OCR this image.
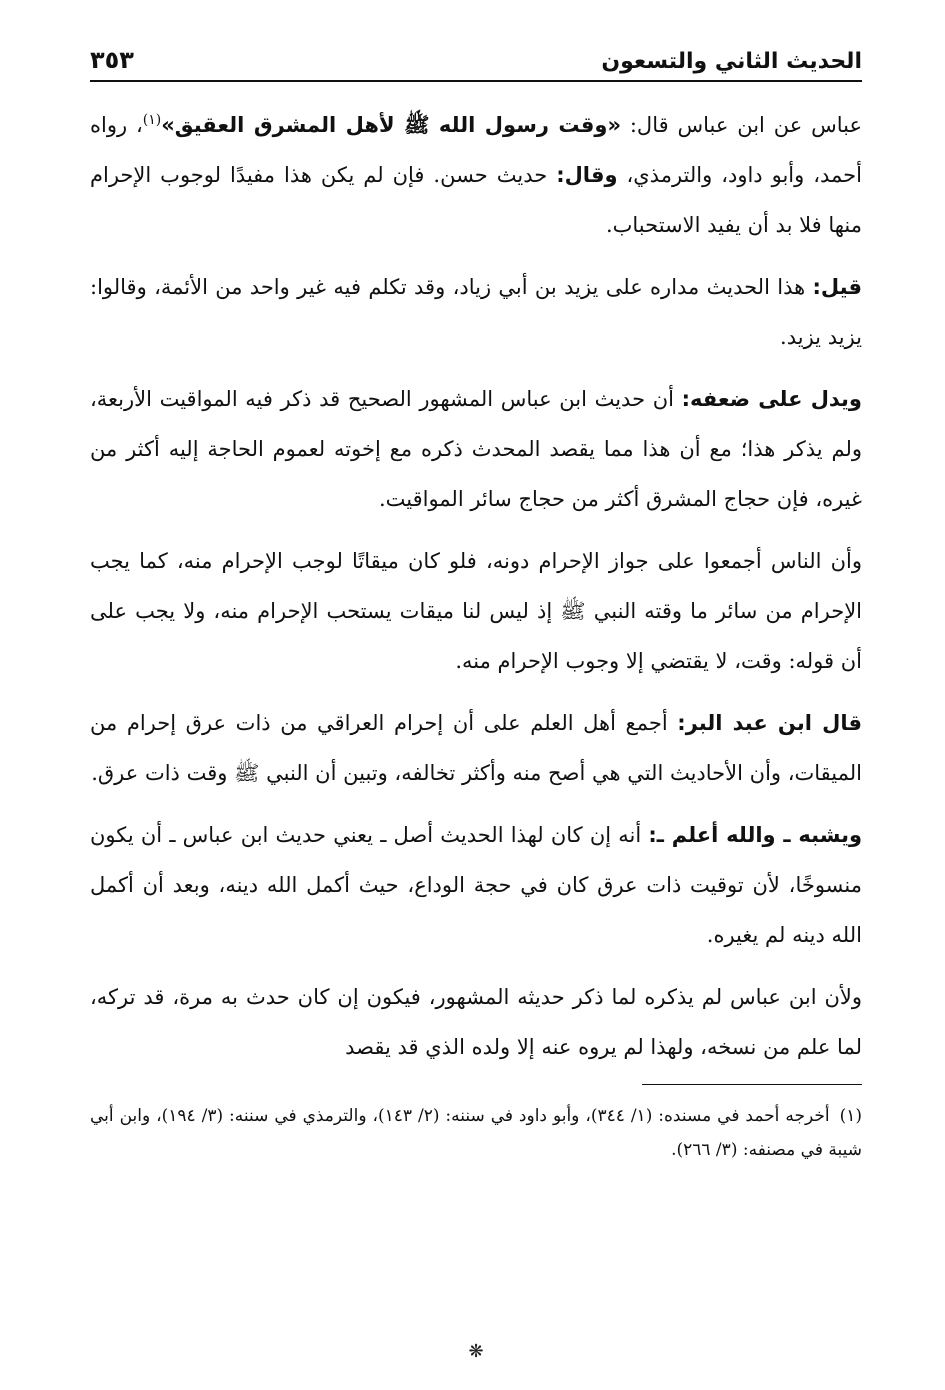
الحديث الثاني والتسعون
٣٥٣

عباس عن ابن عباس قال: «وقت رسول الله ﷺ لأهل المشرق العقيق»$^{(١)}$، رواه أحمد، وأبو داود، والترمذي، وقال: حديث حسن. فإن لم يكن هذا مفيدًا لوجوب الإحرام منها فلا بد أن يفيد الاستحباب.

قيل: هذا الحديث مداره على يزيد بن أبي زياد، وقد تكلم فيه غير واحد من الأئمة، وقالوا: يزيد يزيد.

ويدل على ضعفه: أن حديث ابن عباس المشهور الصحيح قد ذكر فيه المواقيت الأربعة، ولم يذكر هذا؛ مع أن هذا مما يقصد المحدث ذكره مع إخوته لعموم الحاجة إليه أكثر من غيره، فإن حجاج المشرق أكثر من حجاج سائر المواقيت.

وأن الناس أجمعوا على جواز الإحرام دونه، فلو كان ميقاتًا لوجب الإحرام منه، كما يجب الإحرام من سائر ما وقته النبي ﷺ إذ ليس لنا ميقات يستحب الإحرام منه، ولا يجب على أن قوله: وقت، لا يقتضي إلا وجوب الإحرام منه.

قال ابن عبد البر: أجمع أهل العلم على أن إحرام العراقي من ذات عرق إحرام من الميقات، وأن الأحاديث التي هي أصح منه وأكثر تخالفه، وتبين أن النبي ﷺ وقت ذات عرق.

ويشبه ـ والله أعلم ـ: أنه إن كان لهذا الحديث أصل ـ يعني حديث ابن عباس ـ أن يكون منسوخًا، لأن توقيت ذات عرق كان في حجة الوداع، حيث أكمل الله دينه، وبعد أن أكمل الله دينه لم يغيره.

ولأن ابن عباس لم يذكره لما ذكر حديثه المشهور، فيكون إن كان حدث به مرة، قد تركه، لما علم من نسخه، ولهذا لم يروه عنه إلا ولده الذي قد يقصد

(١)أخرجه أحمد في مسنده: (١/ ٣٤٤)، وأبو داود في سننه: (٢/ ١٤٣)، والترمذي في سننه: (٣/ ١٩٤)، وابن أبي شيبة في مصنفه: (٣/ ٢٦٦).

❋
